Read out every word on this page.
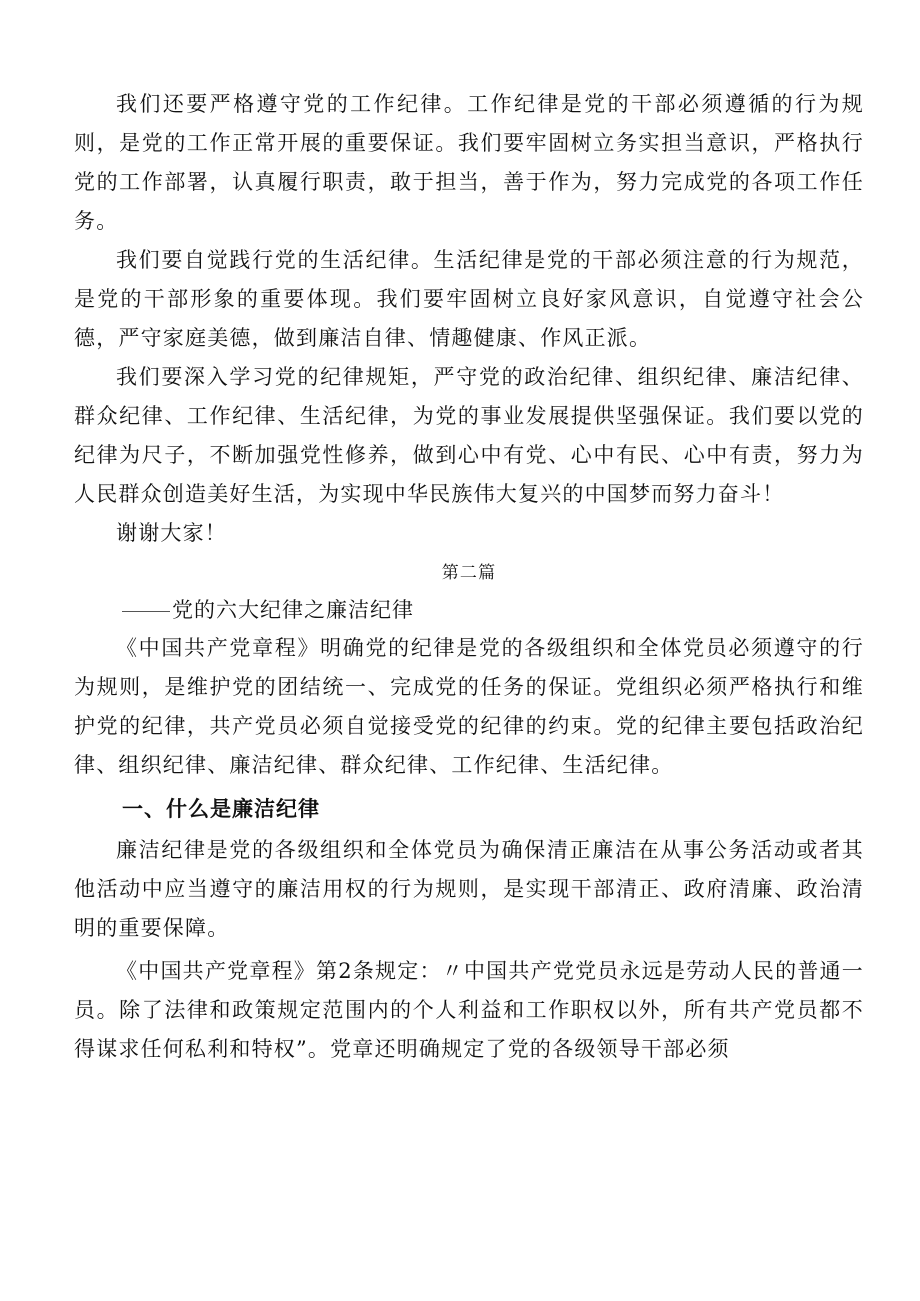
我们还要严格遵守党的工作纪律。工作纪律是党的干部必须遵循的行为规则，是党的工作正常开展的重要保证。我们要牢固树立务实担当意识，严格执行党的工作部署，认真履行职责，敢于担当，善于作为，努力完成党的各项工作任务。

我们要自觉践行党的生活纪律。生活纪律是党的干部必须注意的行为规范，是党的干部形象的重要体现。我们要牢固树立良好家风意识，自觉遵守社会公德，严守家庭美德，做到廉洁自律、情趣健康、作风正派。

我们要深入学习党的纪律规矩，严守党的政治纪律、组织纪律、廉洁纪律、群众纪律、工作纪律、生活纪律，为党的事业发展提供坚强保证。我们要以党的纪律为尺子，不断加强党性修养，做到心中有党、心中有民、心中有责，努力为人民群众创造美好生活，为实现中华民族伟大复兴的中国梦而努力奋斗！

谢谢大家！

第二篇

党的六大纪律之廉洁纪律

《中国共产党章程》明确党的纪律是党的各级组织和全体党员必须遵守的行为规则，是维护党的团结统一、完成党的任务的保证。党组织必须严格执行和维护党的纪律，共产党员必须自觉接受党的纪律的约束。党的纪律主要包括政治纪律、组织纪律、廉洁纪律、群众纪律、工作纪律、生活纪律。

一、什么是廉洁纪律

廉洁纪律是党的各级组织和全体党员为确保清正廉洁在从事公务活动或者其他活动中应当遵守的廉洁用权的行为规则，是实现干部清正、政府清廉、政治清明的重要保障。

《中国共产党章程》第2条规定：〃中国共产党党员永远是劳动人民的普通一员。除了法律和政策规定范围内的个人利益和工作职权以外，所有共产党员都不得谋求任何私利和特权”。党章还明确规定了党的各级领导干部必须
